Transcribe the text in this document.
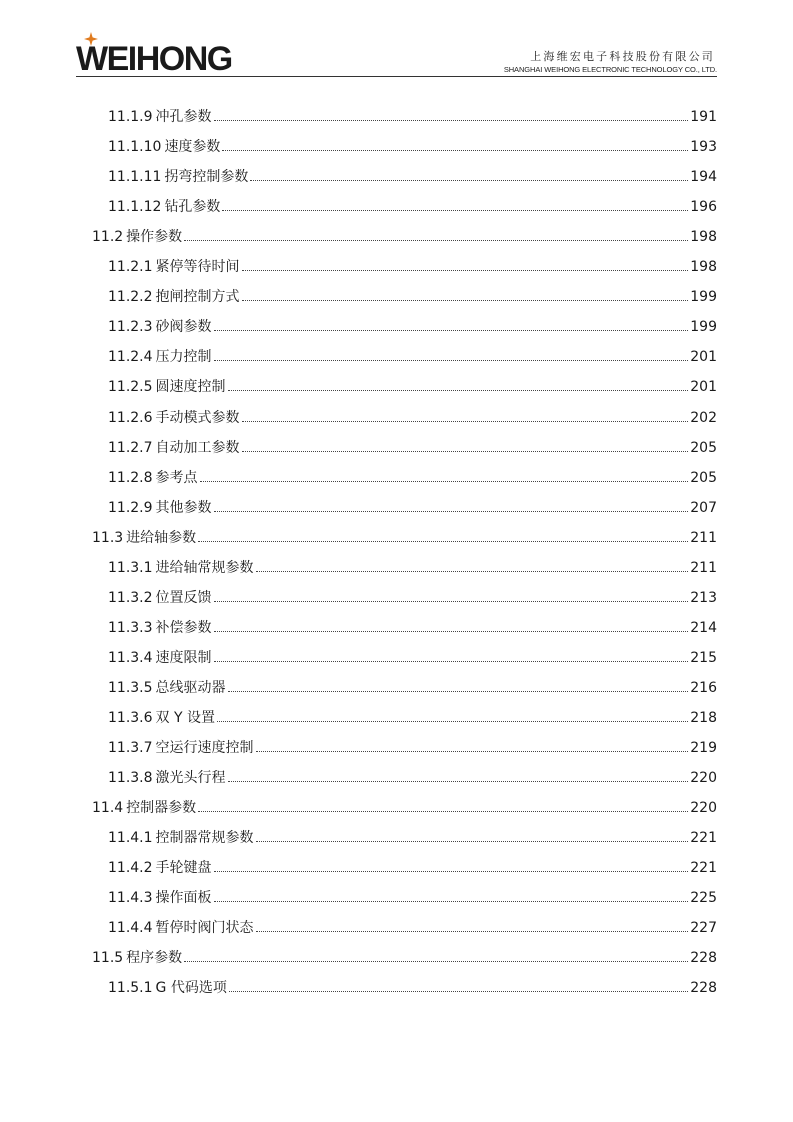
WEIHONG	上海维宏电子科技股份有限公司
SHANGHAI WEIHONG ELECTRONIC TECHNOLOGY CO., LTD.
11.1.9 冲孔参数	191
11.1.10 速度参数	193
11.1.11 拐弯控制参数	194
11.1.12 钻孔参数	196
11.2 操作参数	198
11.2.1 紧停等待时间	198
11.2.2 抱闸控制方式	199
11.2.3 砂阀参数	199
11.2.4 压力控制	201
11.2.5 圆速度控制	201
11.2.6 手动模式参数	202
11.2.7 自动加工参数	205
11.2.8 参考点	205
11.2.9 其他参数	207
11.3 进给轴参数	211
11.3.1 进给轴常规参数	211
11.3.2 位置反馈	213
11.3.3 补偿参数	214
11.3.4 速度限制	215
11.3.5 总线驱动器	216
11.3.6 双 Y 设置	218
11.3.7 空运行速度控制	219
11.3.8 激光头行程	220
11.4 控制器参数	220
11.4.1 控制器常规参数	221
11.4.2 手轮键盘	221
11.4.3 操作面板	225
11.4.4 暂停时阀门状态	227
11.5 程序参数	228
11.5.1 G 代码选项	228
